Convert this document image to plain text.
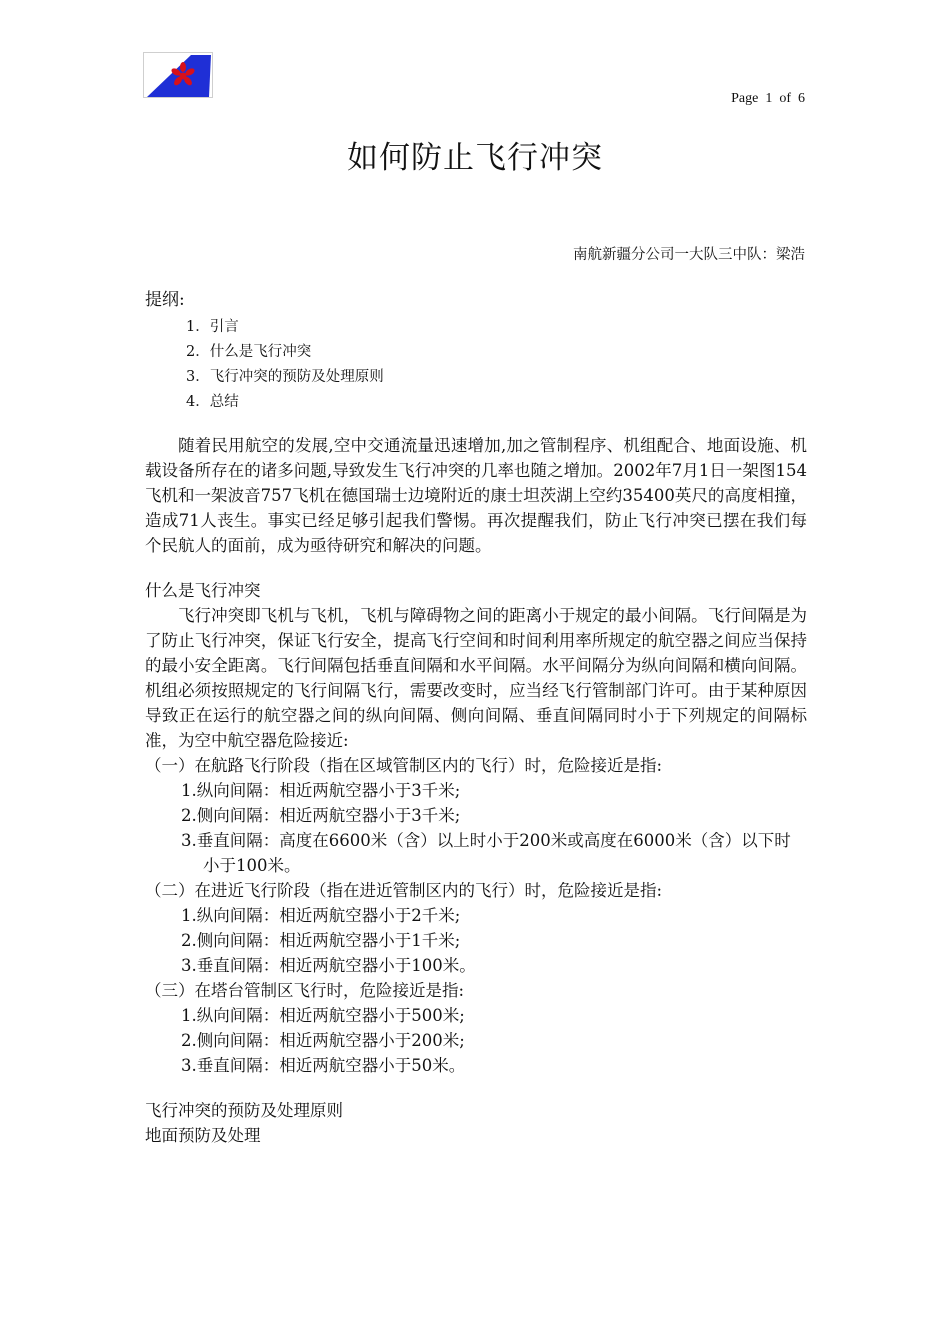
Page 1 of 6
如何防止飞行冲突
南航新疆分公司一大队三中队：梁浩

提纲:

1．引言
2．什么是飞行冲突
3．飞行冲突的预防及处理原则
4．总结

随着民用航空的发展,空中交通流量迅速增加,加之管制程序、机组配合、地面设施、机载设备所存在的诸多问题,导致发生飞行冲突的几率也随之增加。2002年7月1日一架图154飞机和一架波音757飞机在德国瑞士边境附近的康士坦茨湖上空约35400英尺的高度相撞，造成71人丧生。事实已经足够引起我们警惕。再次提醒我们，防止飞行冲突已摆在我们每个民航人的面前，成为亟待研究和解决的问题。

什么是飞行冲突

飞行冲突即飞机与飞机，飞机与障碍物之间的距离小于规定的最小间隔。飞行间隔是为了防止飞行冲突，保证飞行安全，提高飞行空间和时间利用率所规定的航空器之间应当保持的最小安全距离。飞行间隔包括垂直间隔和水平间隔。水平间隔分为纵向间隔和横向间隔。机组必须按照规定的飞行间隔飞行，需要改变时，应当经飞行管制部门许可。由于某种原因导致正在运行的航空器之间的纵向间隔、侧向间隔、垂直间隔同时小于下列规定的间隔标准，为空中航空器危险接近:

（一）在航路飞行阶段（指在区域管制区内的飞行）时，危险接近是指:

1.纵向间隔：相近两航空器小于3千米;

2.侧向间隔：相近两航空器小于3千米;

3.垂直间隔：高度在6600米（含）以上时小于200米或高度在6000米（含）以下时小于100米。

（二）在进近飞行阶段（指在进近管制区内的飞行）时，危险接近是指:

1.纵向间隔：相近两航空器小于2千米;

2.侧向间隔：相近两航空器小于1千米;

3.垂直间隔：相近两航空器小于100米。

（三）在塔台管制区飞行时，危险接近是指:

1.纵向间隔：相近两航空器小于500米;

2.侧向间隔：相近两航空器小于200米;

3.垂直间隔：相近两航空器小于50米。

飞行冲突的预防及处理原则

地面预防及处理
